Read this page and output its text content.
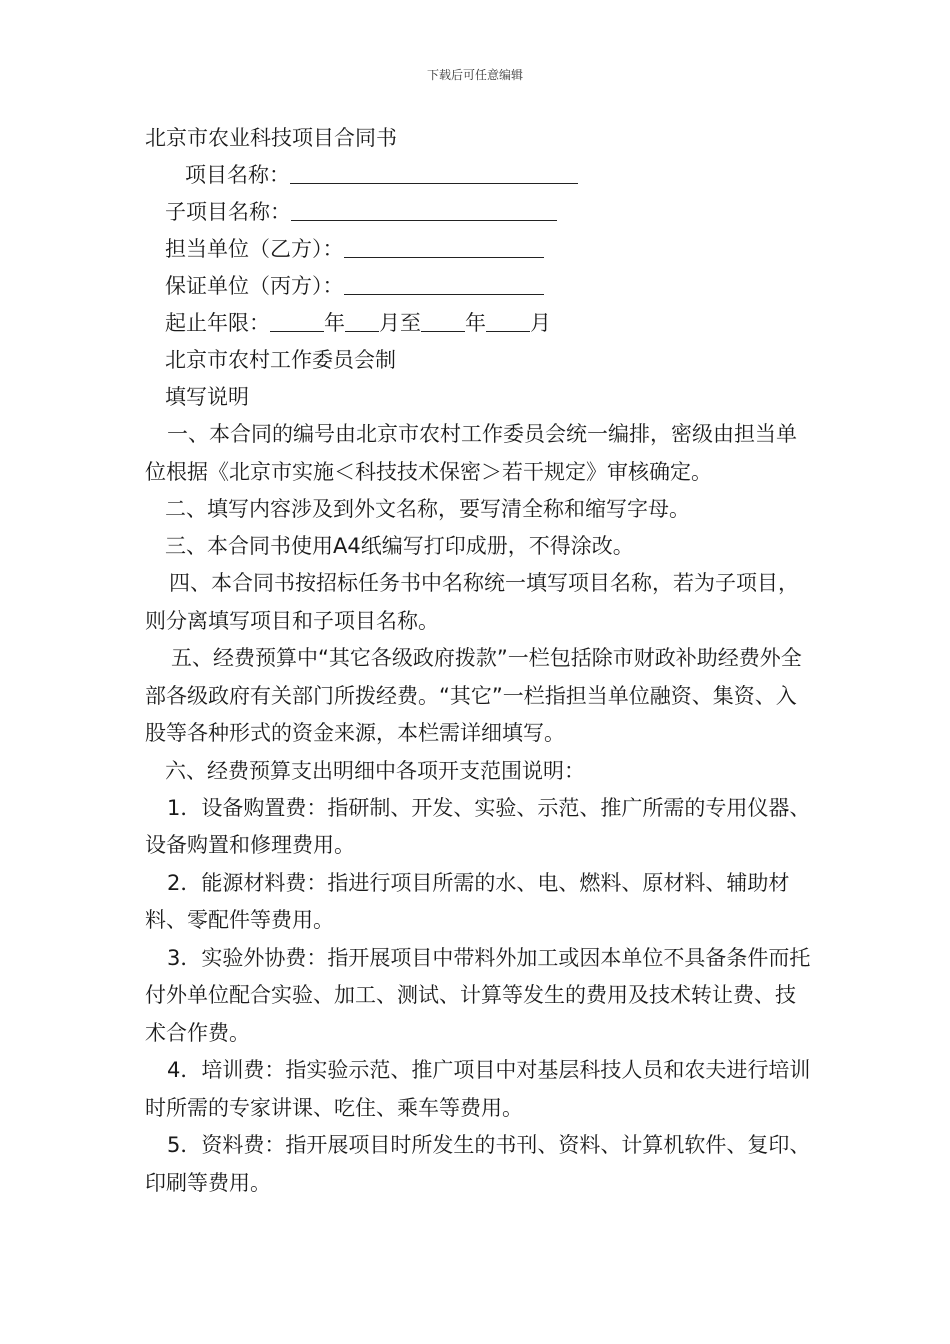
下载后可任意编辑
北京市农业科技项目合同书
项目名称：
子项目名称：
担当单位（乙方）：
保证单位（丙方）：
起止年限：	年 月至 年 月
北京市农村工作委员会制
填写说明
一、本合同的编号由北京市农村工作委员会统一编排，密级由担当单位根据《北京市实施＜科技技术保密＞若干规定》审核确定。
二、填写内容涉及到外文名称，要写清全称和缩写字母。
三、本合同书使用A4纸编写打印成册，不得涂改。
四、本合同书按招标任务书中名称统一填写项目名称，若为子项目，则分离填写项目和子项目名称。
五、经费预算中“其它各级政府拨款”一栏包括除市财政补助经费外全部各级政府有关部门所拨经费。“其它”一栏指担当单位融资、集资、入股等各种形式的资金来源，本栏需详细填写。
六、经费预算支出明细中各项开支范围说明：
1．设备购置费：指研制、开发、实验、示范、推广所需的专用仪器、设备购置和修理费用。
2．能源材料费：指进行项目所需的水、电、燃料、原材料、辅助材料、零配件等费用。
3．实验外协费：指开展项目中带料外加工或因本单位不具备条件而托付外单位配合实验、加工、测试、计算等发生的费用及技术转让费、技术合作费。
4．培训费：指实验示范、推广项目中对基层科技人员和农夫进行培训时所需的专家讲课、吃住、乘车等费用。
5．资料费：指开展项目时所发生的书刊、资料、计算机软件、复印、印刷等费用。
